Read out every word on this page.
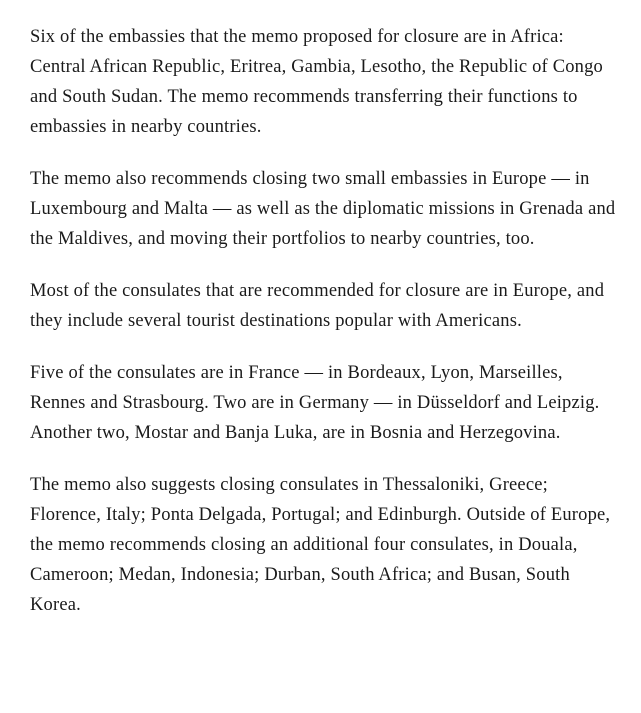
Six of the embassies that the memo proposed for closure are in Africa: Central African Republic, Eritrea, Gambia, Lesotho, the Republic of Congo and South Sudan. The memo recommends transferring their functions to embassies in nearby countries.

The memo also recommends closing two small embassies in Europe — in Luxembourg and Malta — as well as the diplomatic missions in Grenada and the Maldives, and moving their portfolios to nearby countries, too.

Most of the consulates that are recommended for closure are in Europe, and they include several tourist destinations popular with Americans.

Five of the consulates are in France — in Bordeaux, Lyon, Marseilles, Rennes and Strasbourg. Two are in Germany — in Düsseldorf and Leipzig. Another two, Mostar and Banja Luka, are in Bosnia and Herzegovina.

The memo also suggests closing consulates in Thessaloniki, Greece; Florence, Italy; Ponta Delgada, Portugal; and Edinburgh. Outside of Europe, the memo recommends closing an additional four consulates, in Douala, Cameroon; Medan, Indonesia; Durban, South Africa; and Busan, South Korea.
